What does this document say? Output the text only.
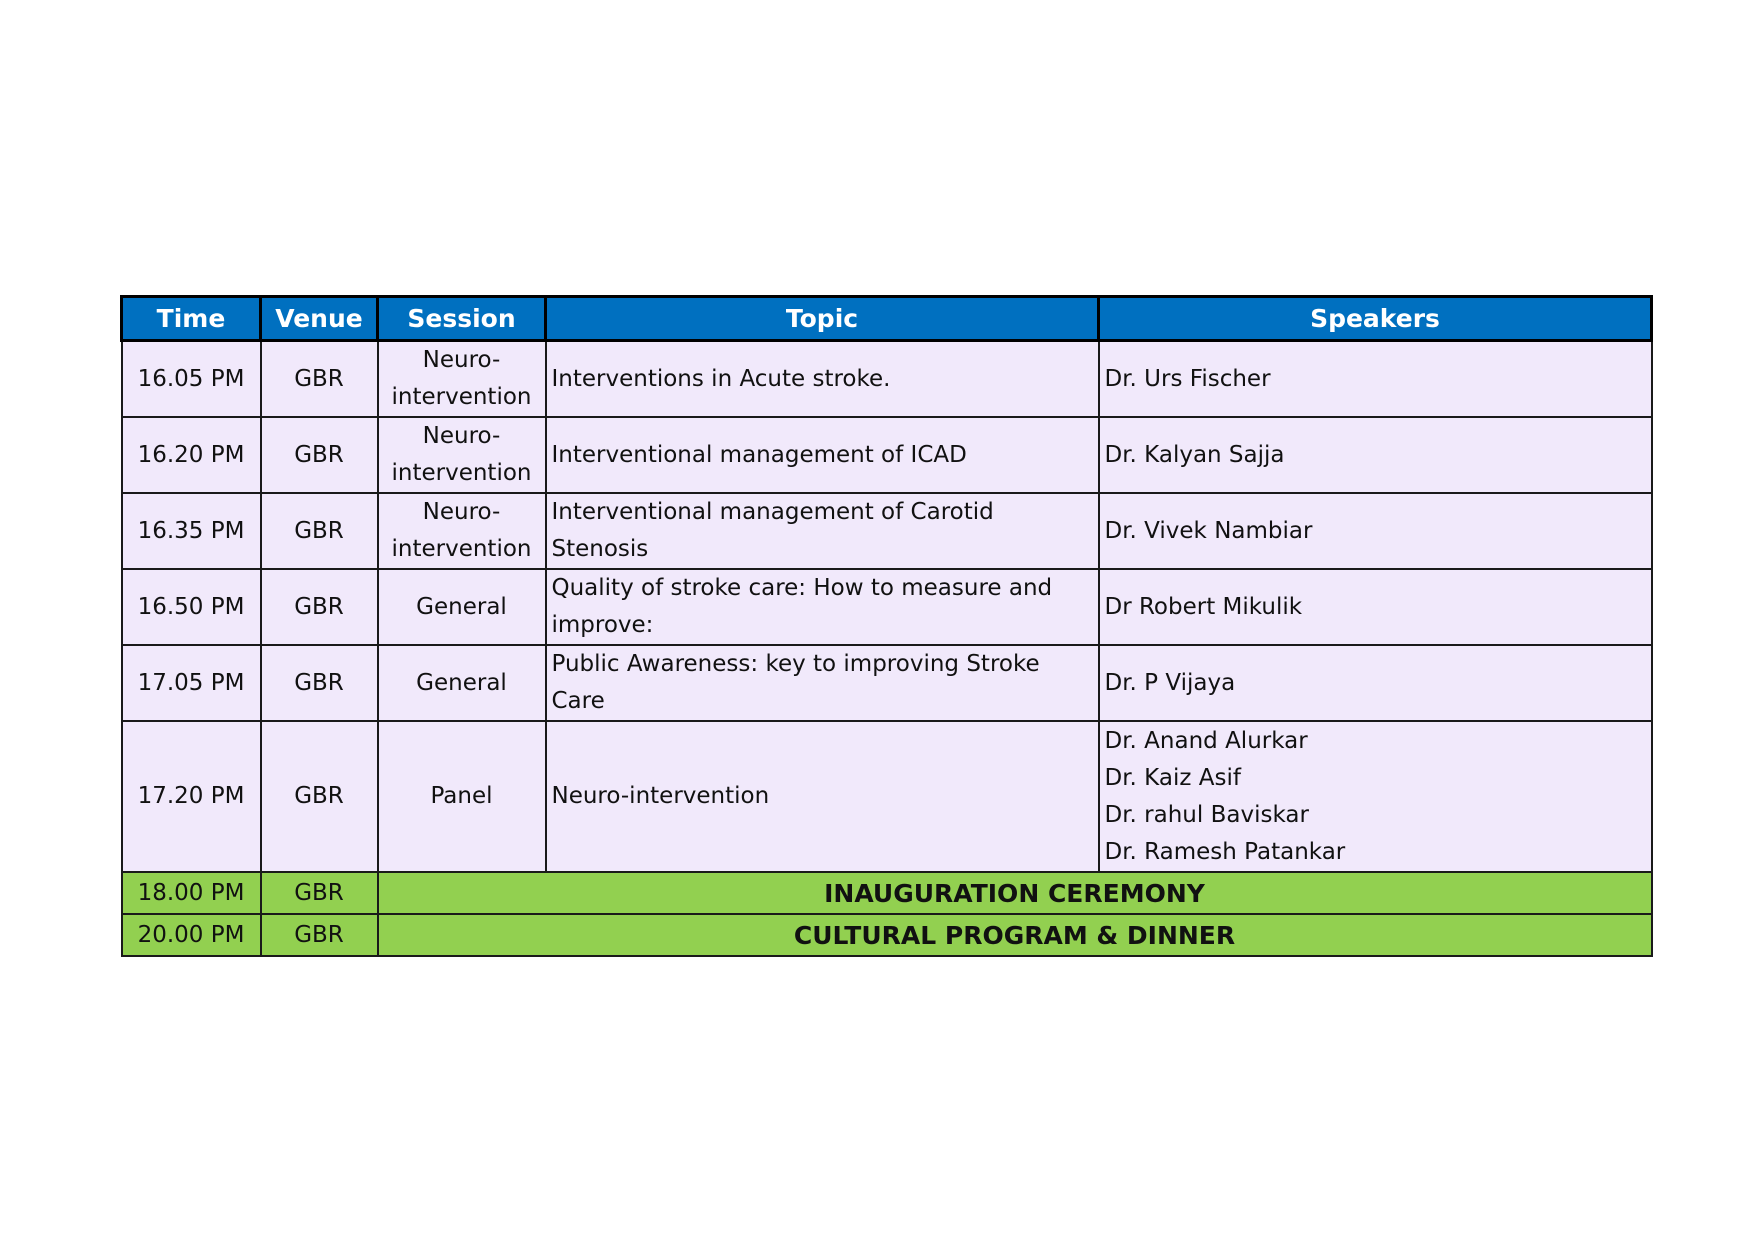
Time	Venue	Session	Topic	Speakers
16.05 PM	GBR	Neuro-intervention	Interventions in Acute stroke.	Dr. Urs Fischer
16.20 PM	GBR	Neuro-intervention	Interventional management of ICAD	Dr. Kalyan Sajja
16.35 PM	GBR	Neuro-intervention	Interventional management of Carotid Stenosis	Dr. Vivek Nambiar
16.50 PM	GBR	General	Quality of stroke care: How to measure and improve:	Dr Robert Mikulik
17.05 PM	GBR	General	Public Awareness: key to improving Stroke Care	Dr. P Vijaya
17.20 PM	GBR	Panel	Neuro-intervention	Dr. Anand Alurkar
Dr. Kaiz Asif
Dr. rahul Baviskar
Dr. Ramesh Patankar

18.00 PM	GBR	INAUGURATION CEREMONY		
20.00 PM	GBR	CULTURAL PROGRAM & DINNER		
